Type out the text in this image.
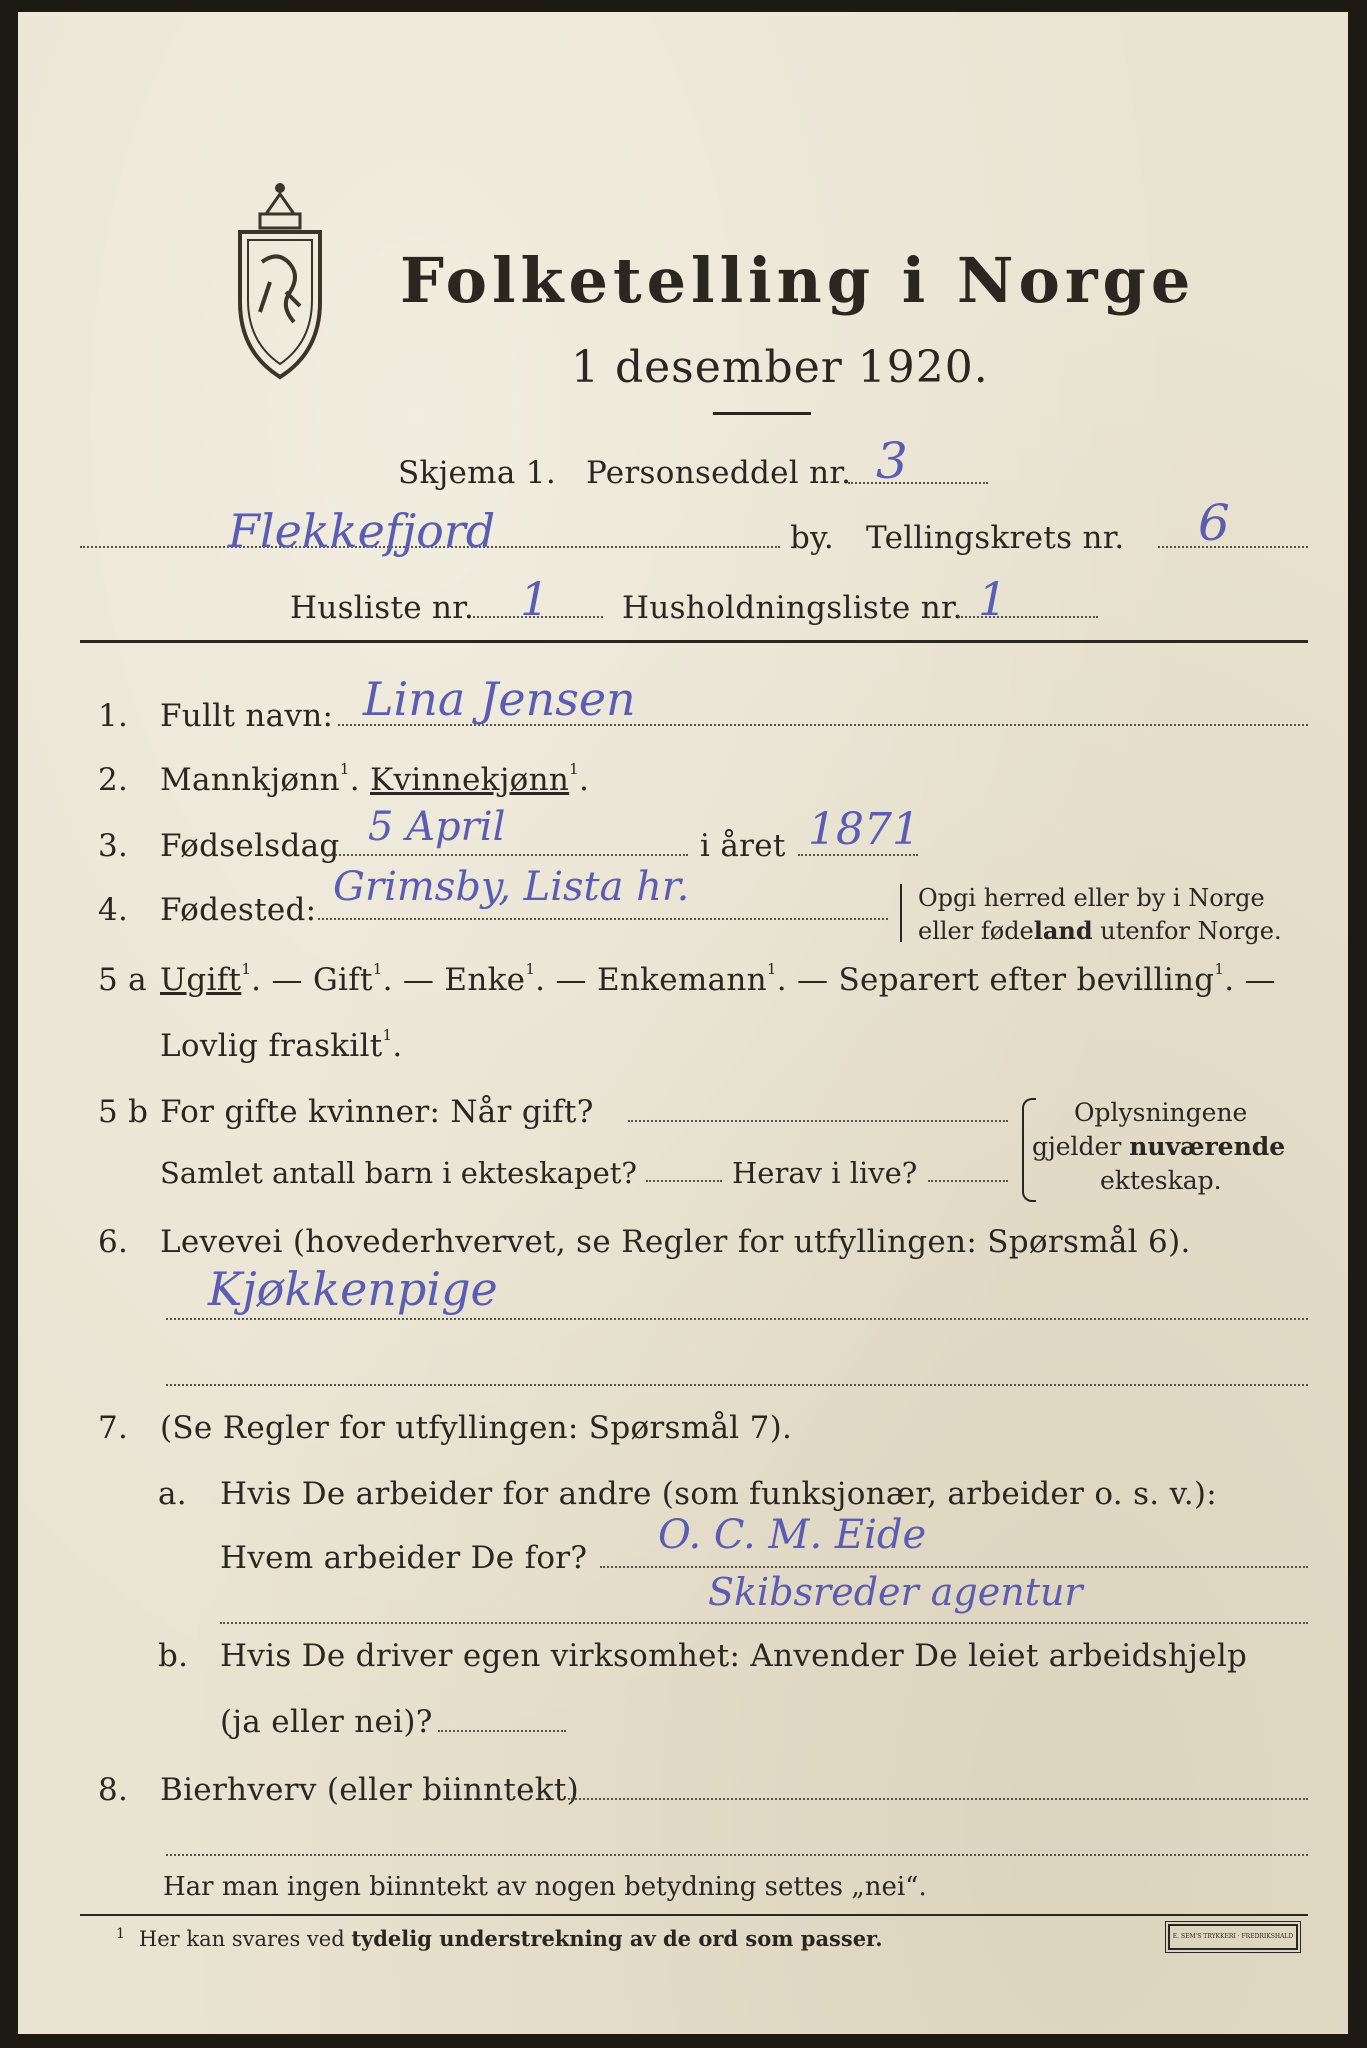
Folketelling i Norge
1 desember 1920.
Skjema 1. Personseddel nr. 3
Flekkefjord	by. Tellingskrets nr. 6
Husliste nr. 1 Husholdningsliste nr. 1
1. Fullt navn: Lina Jensen
2. Mannkjønn$^1$. Kvinnekjønn$^1$.
3. Fødselsdag 5 April	i året 1871
4. Fødested: Grimsby, Lista hr.	Opgi herred eller by i Norge
eller fødeland utenfor Norge.
5 a Ugift$^1$. — Gift$^1$. — Enke$^1$. — Enkemann$^1$. — Separert efter bevilling$^1$. —
Lovlig fraskilt$^1$.
5 b For gifte kvinner: Når gift?
Samlet antall barn i ekteskapet?	Herav i live?
Oplysningene
gjelder nuværende
ekteskap.
6. Levevei (hovederhvervet, se Regler for utfyllingen: Spørsmål 6).
Kjøkkenpige
7. (Se Regler for utfyllingen: Spørsmål 7).
a. Hvis De arbeider for andre (som funksjonær, arbeider o. s. v.):
Hvem arbeider De for? O. C. M. Eide
Skibsreder agentur
b. Hvis De driver egen virksomhet: Anvender De leiet arbeidshjelp
(ja eller nei)?
8. Bierhverv (eller biinntekt)
Har man ingen biinntekt av nogen betydning settes „nei“.
$^1$ Her kan svares ved tydelig understrekning av de ord som passer.	E. SEM'S TRYKKERI · FREDRIKSHALD
